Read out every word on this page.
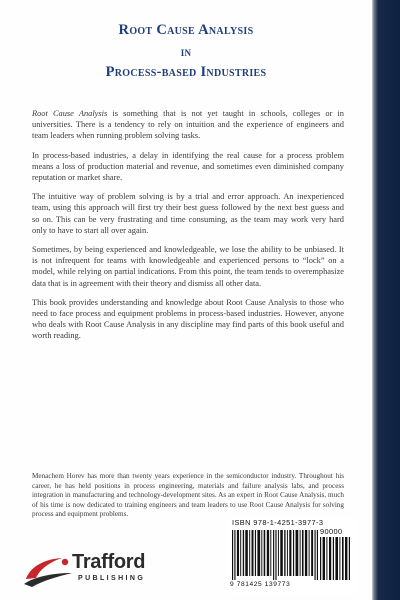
Root Cause Analysis
in
Process-based Industries

Root Cause Analysis is something that is not yet taught in schools, colleges or in universities. There is a tendency to rely on intuition and the experience of engineers and team leaders when running problem solving tasks.

In process-based industries, a delay in identifying the real cause for a process problem means a loss of production material and revenue, and sometimes even diminished company reputation or market share.

The intuitive way of problem solving is by a trial and error approach. An inexperienced team, using this approach will first try their best guess followed by the next best guess and so on. This can be very frustrating and time consuming, as the team may work very hard only to have to start all over again.

Sometimes, by being experienced and knowledgeable, we lose the ability to be unbiased. It is not infrequent for teams with knowledgeable and experienced persons to “lock” on a model, while relying on partial indications. From this point, the team tends to overemphasize data that is in agreement with their theory and dismiss all other data.

This book provides understanding and knowledge about Root Cause Analysis to those who need to face process and equipment problems in process-based industries. However, anyone who deals with Root Cause Analysis in any discipline may find parts of this book useful and worth reading.

Menachem Horev has more than twenty years experience in the semiconductor industry. Throughout his career, he has held positions in process engineering, materials and failure analysis labs, and process integration in manufacturing and technology-development sites. As an expert in Root Cause Analysis, much of his time is now dedicated to training engineers and team leaders to use Root Cause Analysis for solving process and equipment problems.

Trafford
PUBLISHING
ISBN 978-1-4251-3977-3
90000
9 781425 139773
